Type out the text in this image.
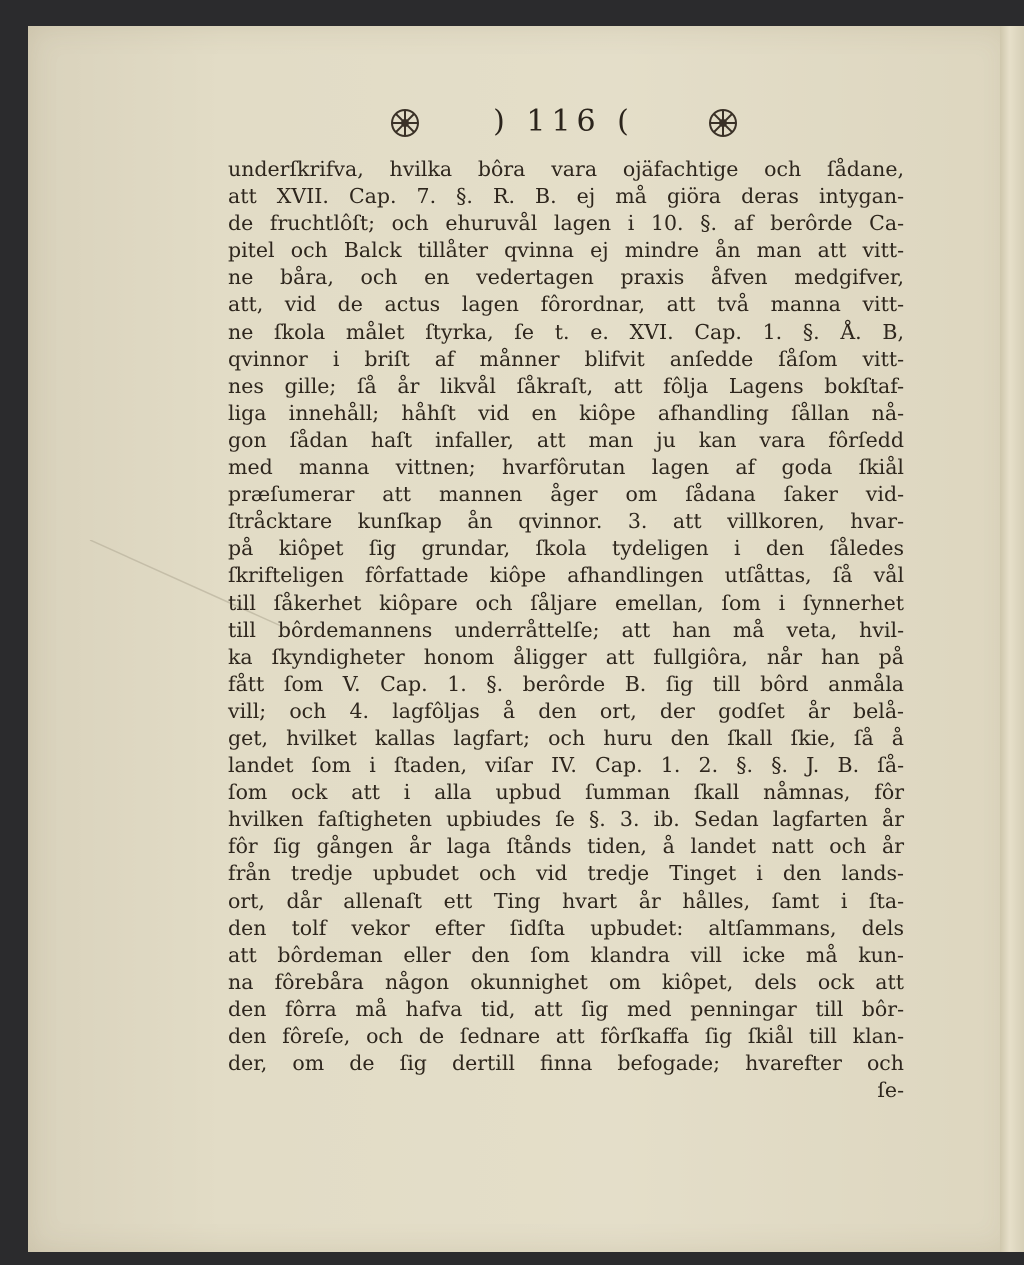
) 116 (
underſkrifva, hvilka bôra vara ojäfachtige och ſådane,
att XVII. Cap. 7. §. R. B. ej må giöra deras intygan-
de fruchtlôſt; och ehuruvål lagen i 10. §. af berôrde Ca-
pitel och Balck tillåter qvinna ej mindre ån man att vitt-
ne båra, och en vedertagen praxis åfven medgifver,
att, vid de actus lagen fôrordnar, att två manna vitt-
ne ſkola målet ſtyrka, ſe t. e. XVI. Cap. 1. §. Å. B,
qvinnor i briſt af månner blifvit anſedde ſåſom vitt-
nes gille; ſå år likvål ſåkraſt, att fôlja Lagens bokſtaf-
liga innehåll; håhſt vid en kiôpe afhandling ſållan nå-
gon ſådan haſt infaller, att man ju kan vara fôrſedd
med manna vittnen; hvarfôrutan lagen af goda ſkiål
præſumerar att mannen åger om ſådana ſaker vid-
ſtråcktare kunſkap ån qvinnor. 3. att villkoren, hvar-
på kiôpet ſig grundar, ſkola tydeligen i den ſåledes
ſkrifteligen fôrfattade kiôpe afhandlingen utſåttas, ſå vål
till ſåkerhet kiôpare och ſåljare emellan, ſom i ſynnerhet
till bôrdemannens underråttelſe; att han må veta, hvil-
ka ſkyndigheter honom åligger att fullgiôra, når han på
fått ſom V. Cap. 1. §. berôrde B. ſig till bôrd anmåla
vill; och 4. lagfôljas å den ort, der godſet år belå-
get, hvilket kallas lagfart; och huru den ſkall ſkie, ſå å
landet ſom i ſtaden, viſar IV. Cap. 1. 2. §. §. J. B. ſå-
ſom ock att i alla upbud ſumman ſkall nåmnas, fôr
hvilken faſtigheten upbiudes ſe §. 3. ib. Sedan lagfarten år
fôr ſig gången år laga ſtånds tiden, å landet natt och år
från tredje upbudet och vid tredje Tinget i den lands-
ort, dår allenaſt ett Ting hvart år hålles, ſamt i ſta-
den tolf vekor efter ſidſta upbudet: altſammans, dels
att bôrdeman eller den ſom klandra vill icke må kun-
na fôrebåra någon okunnighet om kiôpet, dels ock att
den fôrra må hafva tid, att ſig med penningar till bôr-
den fôreſe, och de ſednare att fôrſkaffa ſig ſkiål till klan-
der, om de ſig dertill finna befogade; hvarefter och
ſe-
